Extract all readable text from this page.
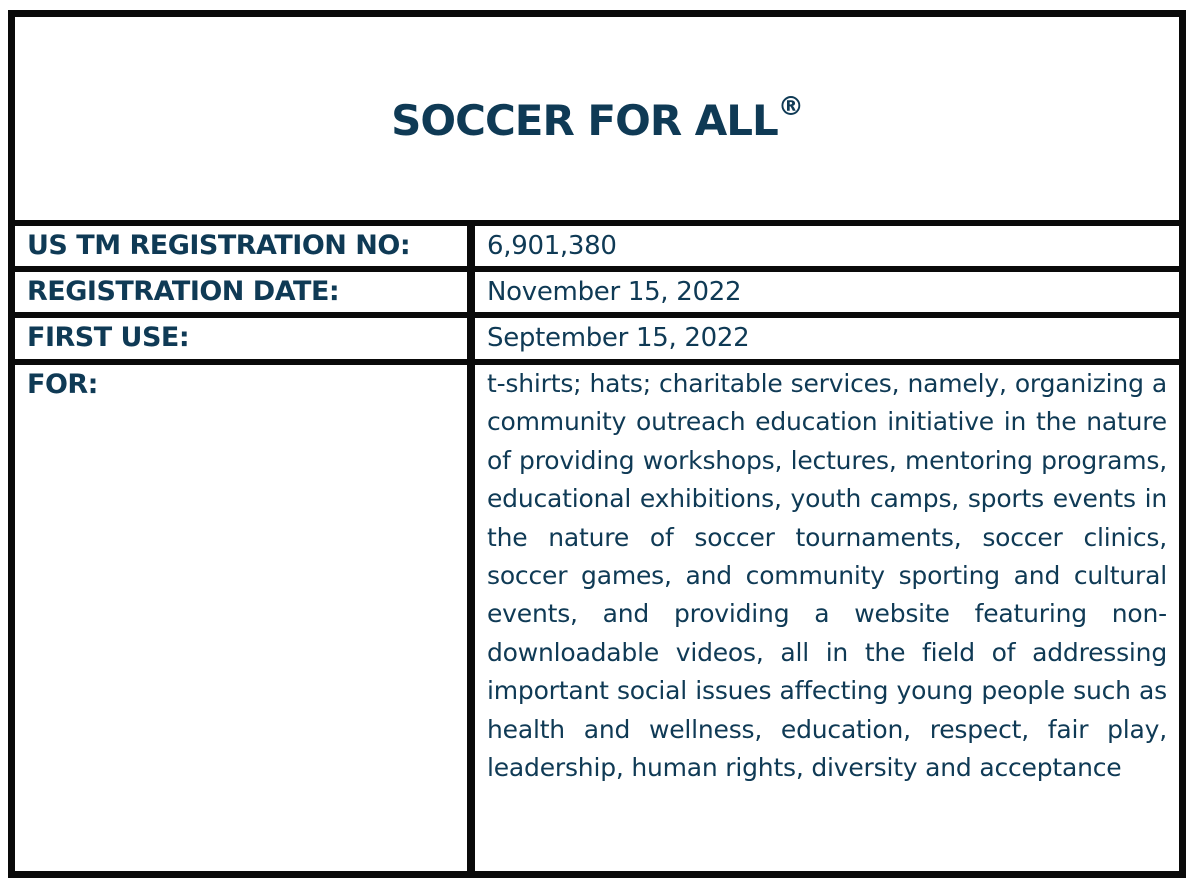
SOCCER FOR ALL®
US TM REGISTRATION NO:	6,901,380
REGISTRATION DATE:	November 15, 2022
FIRST USE:	September 15, 2022
FOR:	t-shirts; hats; charitable services, namely, organizing a community outreach education initiative in the nature of providing workshops, lectures, mentoring programs, educational exhibitions, youth camps, sports events in the nature of soccer tournaments, soccer clinics, soccer games, and community sporting and cultural events, and providing a website featuring non-downloadable videos, all in the field of addressing important social issues affecting young people such as health and wellness, education, respect, fair play, leadership, human rights, diversity and acceptance
